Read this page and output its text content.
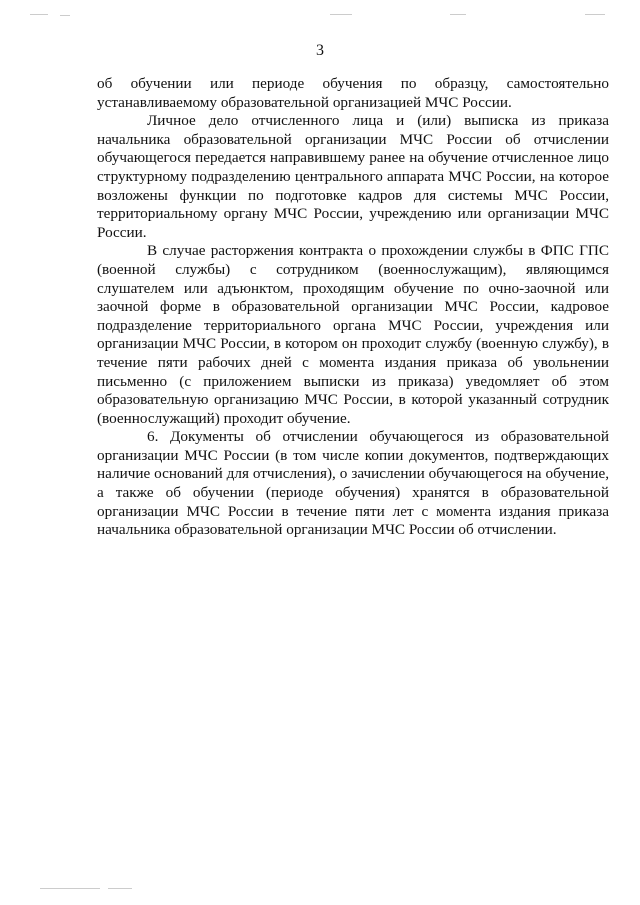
3

об обучении или периоде обучения по образцу, самостоятельно устанавливаемому образовательной организацией МЧС России.

Личное дело отчисленного лица и (или) выписка из приказа начальника образовательной организации МЧС России об отчислении обучающегося передается направившему ранее на обучение отчисленное лицо структурному подразделению центрального аппарата МЧС России, на которое возложены функции по подготовке кадров для системы МЧС России, территориальному органу МЧС России, учреждению или организации МЧС России.

В случае расторжения контракта о прохождении службы в ФПС ГПС (военной службы) с сотрудником (военнослужащим), являющимся слушателем или адъюнктом, проходящим обучение по очно-заочной или заочной форме в образовательной организации МЧС России, кадровое подразделение территориального органа МЧС России, учреждения или организации МЧС России, в котором он проходит службу (военную службу), в течение пяти рабочих дней с момента издания приказа об увольнении письменно (с приложением выписки из приказа) уведомляет об этом образовательную организацию МЧС России, в которой указанный сотрудник (военнослужащий) проходит обучение.

6. Документы об отчислении обучающегося из образовательной организации МЧС России (в том числе копии документов, подтверждающих наличие оснований для отчисления), о зачислении обучающегося на обучение, а также об обучении (периоде обучения) хранятся в образовательной организации МЧС России в течение пяти лет с момента издания приказа начальника образовательной организации МЧС России об отчислении.
